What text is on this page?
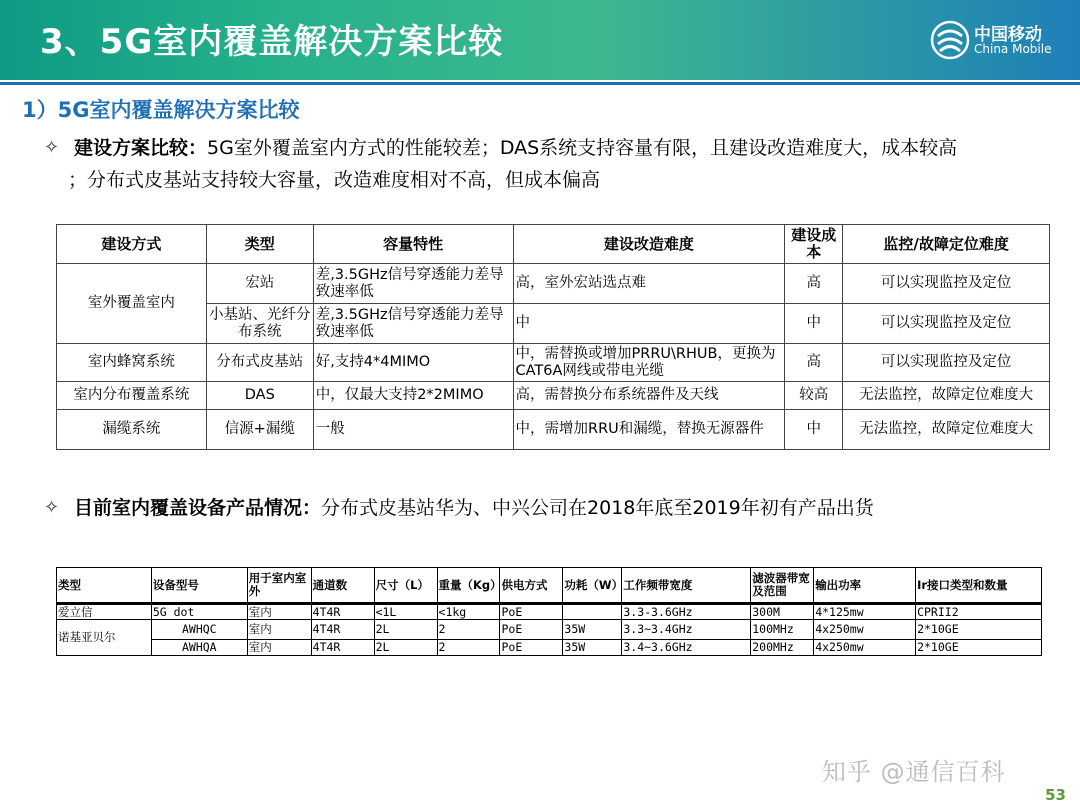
3、5G室内覆盖解决方案比较	中国移动
China Mobile
1）5G室内覆盖解决方案比较
✧ 建设方案比较：5G室外覆盖室内方式的性能较差；DAS系统支持容量有限，且建设改造难度大，成本较高
；分布式皮基站支持较大容量，改造难度相对不高，但成本偏高
建设方式	类型	容量特性	建设改造难度	建设成本	监控/故障定位难度
室外覆盖室内	宏站	差,3.5GHz信号穿透能力差导致速率低	高，室外宏站选点难	高	可以实现监控及定位
	小基站、光纤分布系统	差,3.5GHz信号穿透能力差导致速率低	中	中	可以实现监控及定位
室内蜂窝系统	分布式皮基站	好,支持4*4MIMO	中，需替换或增加PRRU\RHUB，更换为CAT6A网线或带电光缆	高	可以实现监控及定位
室内分布覆盖系统	DAS	中，仅最大支持2*2MIMO	高，需替换分布系统器件及天线	较高	无法监控，故障定位难度大
漏缆系统	信源+漏缆	一般	中，需增加RRU和漏缆，替换无源器件	中	无法监控，故障定位难度大
✧ 目前室内覆盖设备产品情况：分布式皮基站华为、中兴公司在2018年底至2019年初有产品出货
类型	设备型号	用于室内室外	通道数	尺寸（L）	重量（Kg）	供电方式	功耗（W）	工作频带宽度	滤波器带宽及范围	输出功率	Ir接口类型和数量
爱立信	5G dot	室内	4T4R	<1L	<1kg	PoE		3.3-3.6GHz	300M	4*125mw	CPRII2
诺基亚贝尔	AWHQC	室内	4T4R	2L	2	PoE	35W	3.3~3.4GHz	100MHz	4x250mw	2*10GE
	AWHQA	室内	4T4R	2L	2	PoE	35W	3.4~3.6GHz	200MHz	4x250mw	2*10GE
知乎 @通信百科
53
